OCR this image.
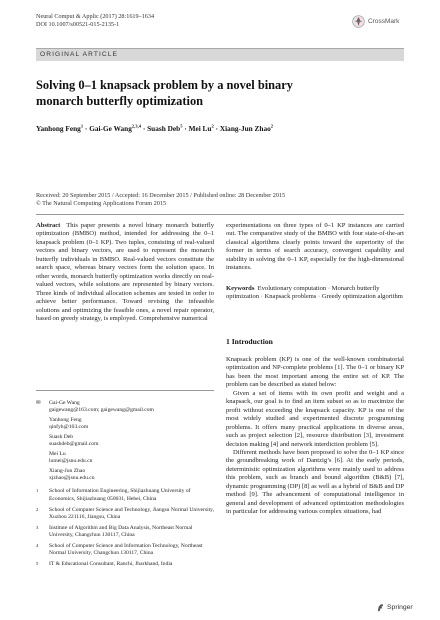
Neural Comput & Applic (2017) 28:1619–1634
DOI 10.1007/s00521-015-2135-1	CrossMark
ORIGINAL ARTICLE
Solving 0–1 knapsack problem by a novel binary monarch butterfly optimization
Yanhong Feng$^1$ · Gai-Ge Wang$^{2,3,4}$ · Suash Deb$^5$ · Mei $Lu^2$ · Xiang-Jun Zhao$^2$
Received: 20 September 2015 / Accepted: 16 December 2015 / Published online: 28 December 2015
© The Natural Computing Applications Forum 2015
Abstract This paper presents a novel binary monarch butterfly optimization (BMBO) method, intended for addressing the 0–1 knapsack problem (0–1 KP). Two tuples, consisting of real-valued vectors and binary vectors, are used to represent the monarch butterfly individuals in BMBO. Real-valued vectors constitute the search space, whereas binary vectors form the solution space. In other words, monarch butterfly optimization works directly on real-valued vectors, while solutions are represented by binary vectors. Three kinds of individual allocation schemes are tested in order to achieve better performance. Toward revising the infeasible solutions and optimizing the feasible ones, a novel repair operator, based on greedy strategy, is employed. Comprehensive numerical
experimentations on three types of 0–1 KP instances are carried out. The comparative study of the BMBO with four state-of-the-art classical algorithms clearly points toward the superiority of the former in terms of search accuracy, convergent capability and stability in solving the 0–1 KP, especially for the high-dimensional instances.
Keywords Evolutionary computation · Monarch butterfly optimization · Knapsack problems · Greedy optimization algorithm
✉ Gai-Ge Wang
gaigewang@163.com; gaigewang@gmail.com
Yanhong Feng
qinfyh@163.com
Suash Deb
suashdeb@gmail.com
Mei Lu
lumei@jsnu.edu.cn
Xiang-Jun Zhao
xjzhao@jsnu.edu.cn
1 School of Information Engineering, Shijiazhuang University of Economics, Shijiazhuang 050031, Hebei, China
2 School of Computer Science and Technology, Jiangsu Normal University, Xuzhou 221116, Jiangsu, China
3 Institute of Algorithm and Big Data Analysis, Northeast Normal University, Changchun 130117, China
4 School of Computer Science and Information Technology, Northeast Normal University, Changchun 130117, China
5 IT & Educational Consultant, Ranchi, Jharkhand, India
1 Introduction

Knapsack problem (KP) is one of the well-known combinatorial optimization and NP-complete problems [1]. The 0–1 or binary KP has been the most important among the entire set of KP. The problem can be described as stated below:

Given a set of items with its own profit and weight and a knapsack, our goal is to find an item subset so as to maximize the profit without exceeding the knapsack capacity. KP is one of the most widely studied and experimented discrete programming problems. It offers many practical applications in diverse areas, such as project selection [2], resource distribution [3], investment decision making [4] and network interdiction problem [5].

Different methods have been proposed to solve the 0–1 KP since the groundbreaking work of Dantzig’s [6]. At the early periods, deterministic optimization algorithms were mainly used to address this problem, such as branch and bound algorithm (B&B) [7], dynamic programming (DP) [8] as well as a hybrid of B&B and DP method [9]. The advancement of computational intelligence in general and development of advanced optimization methodologies in particular for addressing various complex situations, had

Springer
